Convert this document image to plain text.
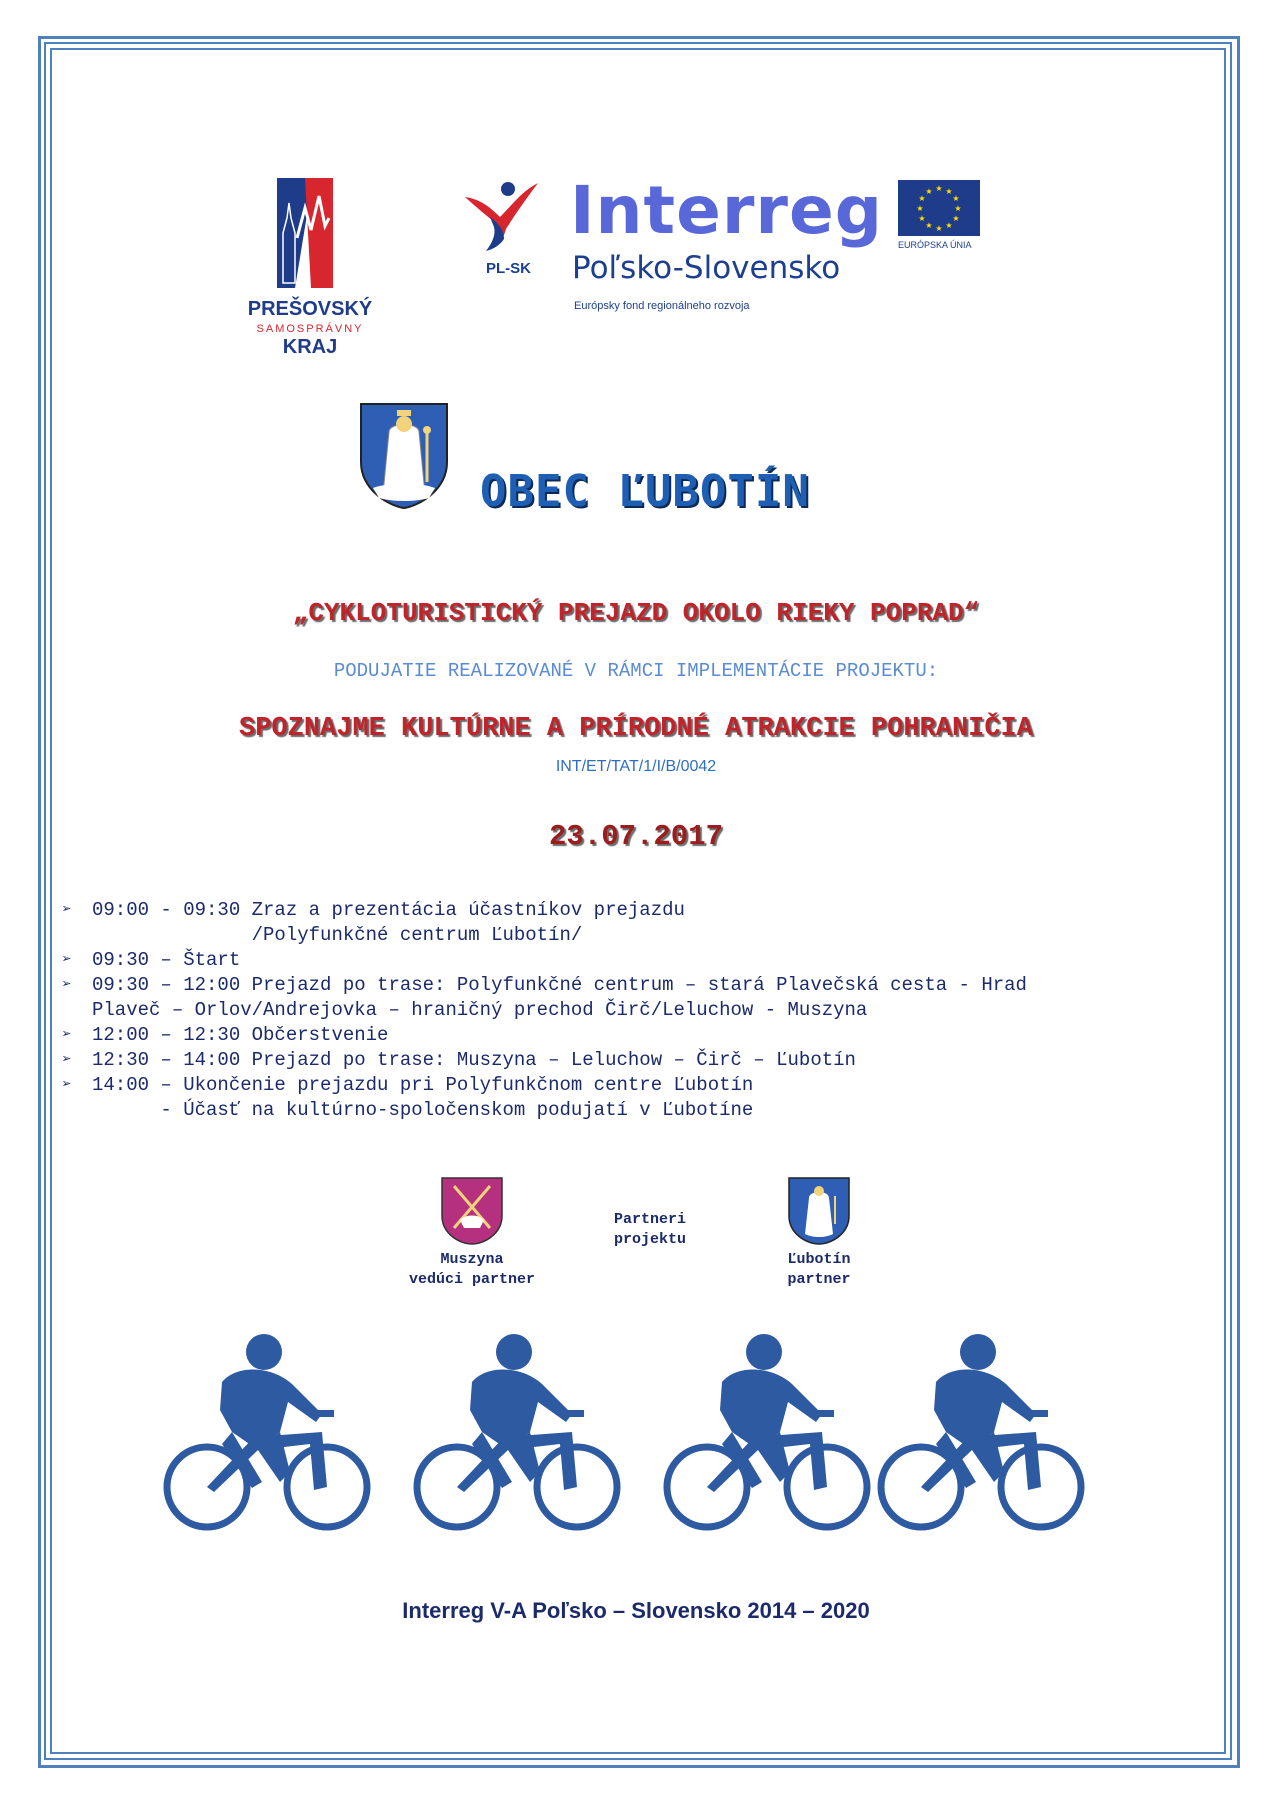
PREŠOVSKÝ
SAMOSPRÁVNY
KRAJ
PL-SK
Interreg
Poľsko-Slovensko
Európsky fond regionálneho rozvoja
★ ★
★
★
★
★
★
★
★
★
★
★
EURÓPSKA ÚNIA
OBEC ĽUBOTÍN
„CYKLOTURISTICKÝ PREJAZD OKOLO RIEKY POPRAD“
PODUJATIE REALIZOVANÉ V RÁMCI IMPLEMENTÁCIE PROJEKTU:
SPOZNAJME KULTÚRNE A PRÍRODNÉ ATRAKCIE POHRANIČIA
INT/ET/TAT/1/I/B/0042
23.07.2017
➢ 09:00 - 09:30 Zraz a prezentácia účastníkov prejazdu
/Polyfunkčné centrum Ľubotín/
➢ 09:30 – Štart
➢ 09:30 – 12:00 Prejazd po trase: Polyfunkčné centrum – stará Plavečská cesta - Hrad
Plaveč – Orlov/Andrejovka – hraničný prechod Čirč/Leluchow - Muszyna
➢ 12:00 – 12:30 Občerstvenie
➢ 12:30 – 14:00 Prejazd po trase: Muszyna – Leluchow – Čirč – Ľubotín
➢ 14:00 – Ukončenie prejazdu pri Polyfunkčnom centre Ľubotín
- Účasť na kultúrno-spoločenskom podujatí v Ľubotíne
Muszyna
vedúci partner
Partneri
projektu
Ľubotín
partner
Interreg V-A Poľsko – Slovensko 2014 – 2020
